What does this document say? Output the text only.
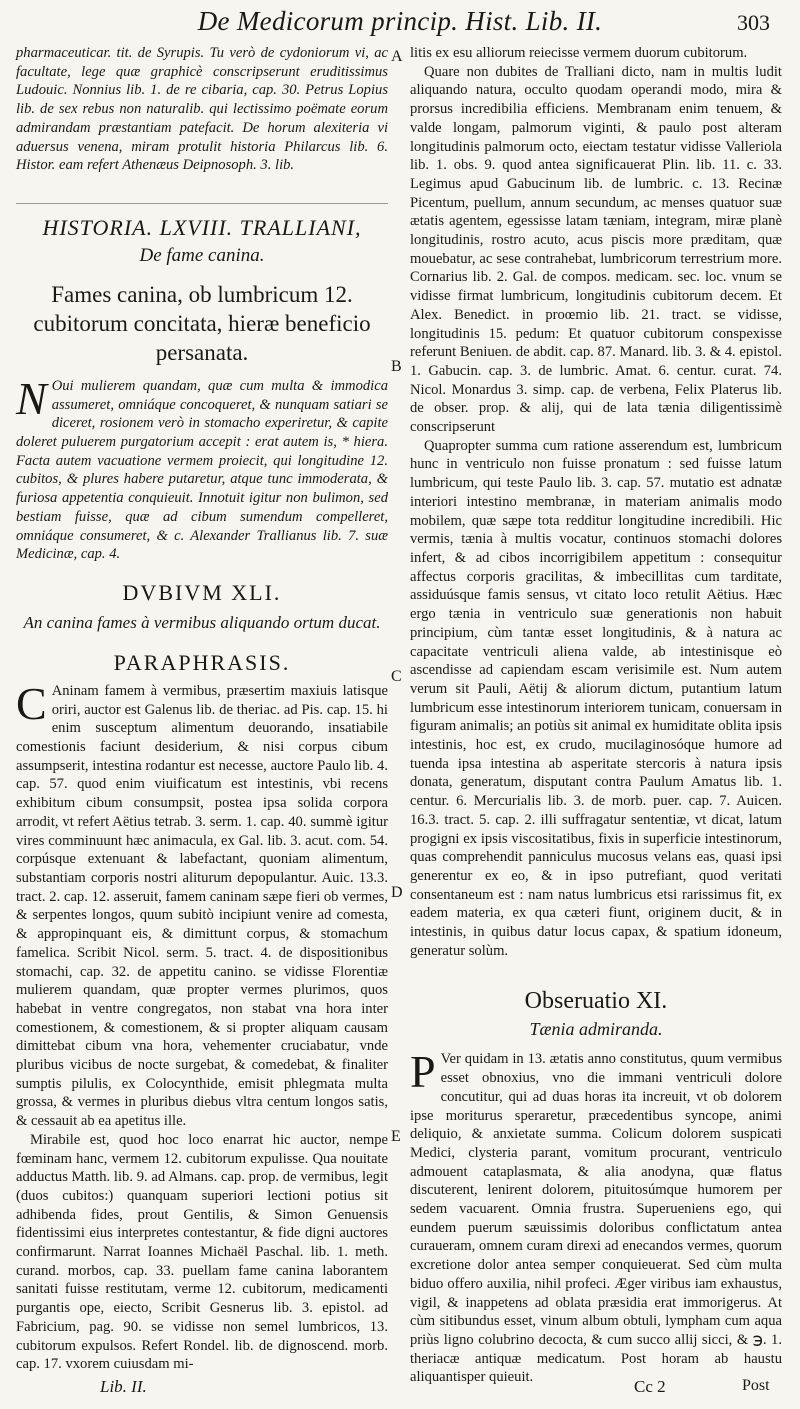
De Medicorum princip. Hist. Lib. II.	303

pharmaceuticar. tit. de Syrupis. Tu verò de cydoniorum vi, ac facultate, lege quæ graphicè conscripserunt eruditissimus Ludouic. Nonnius lib. 1. de re cibaria, cap. 30. Petrus Lopius lib. de sex rebus non naturalib. qui lectissimo poëmate eorum admirandam præstantiam patefacit. De horum alexiteria vi aduersus venena, miram protulit historia Philarcus lib. 6. Histor. eam refert Athenæus Deipnosoph. 3. lib.

HISTORIA. LXVIII. TRALLIANI,
De fame canina.
Fames canina, ob lumbricum 12. cubitorum concitata, hieræ beneficio persanata.

N Oui mulierem quandam, quæ cum multa & immodica assumeret, omniáque concoqueret, & nunquam satiari se diceret, rosionem verò in stomacho experiretur, & capite doleret puluerem purgatorium accepit : erat autem is, * hiera. Facta autem vacuatione vermem proiecit, qui longitudine 12. cubitos, & plures habere putaretur, atque tunc immoderata, & furiosa appetentia conquieuit. Innotuit igitur non bulimon, sed bestiam fuisse, quæ ad cibum sumendum compelleret, omniáque consumeret, & c. Alexander Trallianus lib. 7. suæ Medicinæ, cap. 4.

DVBIVM XLI.
An canina fames à vermibus aliquando ortum ducat.
PARAPHRASIS.

C Aninam famem à vermibus, præsertim maxiuis latisque oriri, auctor est Galenus lib. de theriac. ad Pis. cap. 15. hi enim susceptum alimentum deuorando, insatiabile comestionis faciunt desiderium, & nisi corpus cibum assumpserit, intestina rodantur est necesse, auctore Paulo lib. 4. cap. 57. quod enim viuificatum est intestinis, vbi recens exhibitum cibum consumpsit, postea ipsa solida corpora arrodit, vt refert Aëtius tetrab. 3. serm. 1. cap. 40. summè igitur vires comminuunt hæc animacula, ex Gal. lib. 3. acut. com. 54. corpúsque extenuant & labefactant, quoniam alimentum, substantiam corporis nostri aliturum depopulantur. Auic. 13.3. tract. 2. cap. 12. asseruit, famem caninam sæpe fieri ob vermes, & serpentes longos, quum subitò incipiunt venire ad comesta, & appropinquant eis, & dimittunt corpus, & stomachum famelica. Scribit Nicol. serm. 5. tract. 4. de dispositionibus stomachi, cap. 32. de appetitu canino. se vidisse Florentiæ mulierem quandam, quæ propter vermes plurimos, quos habebat in ventre congregatos, non stabat vna hora inter comestionem, & comestionem, & si propter aliquam causam dimittebat cibum vna hora, vehementer cruciabatur, vnde pluribus vicibus de nocte surgebat, & comedebat, & finaliter sumptis pilulis, ex Colocynthide, emisit phlegmata multa grossa, & vermes in pluribus diebus vltra centum longos satis, & cessauit ab ea apetitus ille.

Mirabile est, quod hoc loco enarrat hic auctor, nempe fœminam hanc, vermem 12. cubitorum expulisse. Qua nouitate adductus Matth. lib. 9. ad Almans. cap. prop. de vermibus, legit (duos cubitos:) quanquam superiori lectioni potius sit adhibenda fides, prout Gentilis, & Simon Genuensis fidentissimi eius interpretes contestantur, & fide digni auctores confirmarunt. Narrat Ioannes Michaël Paschal. lib. 1. meth. curand. morbos, cap. 33. puellam fame canina laborantem sanitati fuisse restitutam, verme 12. cubitorum, medicamenti purgantis ope, eiecto, Scribit Gesnerus lib. 3. epistol. ad Fabricium, pag. 90. se vidisse non semel lumbricos, 13. cubitorum expulsos. Refert Rondel. lib. de dignoscend. morb. cap. 17. vxorem cuiusdam mi-

A
B
C
D
E

litis ex esu alliorum reiecisse vermem duorum cubitorum.

Quare non dubites de Tralliani dicto, nam in multis ludit aliquando natura, occulto quodam operandi modo, mira & prorsus incredibilia efficiens. Membranam enim tenuem, & valde longam, palmorum viginti, & paulo post alteram longitudinis palmorum octo, eiectam testatur vidisse Valleriola lib. 1. obs. 9. quod antea significauerat Plin. lib. 11. c. 33. Legimus apud Gabucinum lib. de lumbric. c. 13. Recinæ Picentum, puellum, annum secundum, ac menses quatuor suæ ætatis agentem, egessisse latam tæniam, integram, miræ planè longitudinis, rostro acuto, acus piscis more præditam, quæ mouebatur, ac sese contrahebat, lumbricorum terrestrium more. Cornarius lib. 2. Gal. de compos. medicam. sec. loc. vnum se vidisse firmat lumbricum, longitudinis cubitorum decem. Et Alex. Benedict. in proœmio lib. 21. tract. se vidisse, longitudinis 15. pedum: Et quatuor cubitorum conspexisse referunt Beniuen. de abdit. cap. 87. Manard. lib. 3. & 4. epistol. 1. Gabucin. cap. 3. de lumbric. Amat. 6. centur. curat. 74. Nicol. Monardus 3. simp. cap. de verbena, Felix Platerus lib. de obser. prop. & alij, qui de lata tænia diligentissimè conscripserunt

Quapropter summa cum ratione asserendum est, lumbricum hunc in ventriculo non fuisse pronatum : sed fuisse latum lumbricum, qui teste Paulo lib. 3. cap. 57. mutatio est adnatæ interiori intestino membranæ, in materiam animalis modo mobilem, quæ sæpe tota redditur longitudine incredibili. Hic vermis, tænia à multis vocatur, continuos stomachi dolores infert, & ad cibos incorrigibilem appetitum : consequitur affectus corporis gracilitas, & imbecillitas cum tarditate, assiduúsque famis sensus, vt citato loco retulit Aëtius. Hæc ergo tænia in ventriculo suæ generationis non habuit principium, cùm tantæ esset longitudinis, & à natura ac capacitate ventriculi aliena valde, ab intestinisque eò ascendisse ad capiendam escam verisimile est. Num autem verum sit Pauli, Aëtij & aliorum dictum, putantium latum lumbricum esse intestinorum interiorem tunicam, conuersam in figuram animalis; an potiùs sit animal ex humiditate oblita ipsis intestinis, hoc est, ex crudo, mucilaginosóque humore ad tuenda ipsa intestina ab asperitate stercoris à natura ipsis donata, generatum, disputant contra Paulum Amatus lib. 1. centur. 6. Mercurialis lib. 3. de morb. puer. cap. 7. Auicen. 16.3. tract. 5. cap. 2. illi suffragatur sententiæ, vt dicat, latum progigni ex ipsis viscositatibus, fixis in superficie intestinorum, quas comprehendit panniculus mucosus velans eas, quasi ipsi generentur ex eo, & in ipso putrefiant, quod veritati consentaneum est : nam natus lumbricus etsi rarissimus fit, ex eadem materia, ex qua cæteri fiunt, originem ducit, & in intestinis, in quibus datur locus capax, & spatium idoneum, generatur solùm.

Obseruatio XI.
Tænia admiranda.

P Ver quidam in 13. ætatis anno constitutus, quum vermibus esset obnoxius, vno die immani ventriculi dolore concutitur, qui ad duas horas ita increuit, vt ob dolorem ipse moriturus speraretur, præcedentibus syncope, animi deliquio, & anxietate summa. Colicum dolorem suspicati Medici, clysteria parant, vomitum procurant, ventriculo admouent cataplasmata, & alia anodyna, quæ flatus discuterent, lenirent dolorem, pituitosúmque humorem per sedem vacuarent. Omnia frustra. Superueniens ego, qui eundem puerum sæuissimis doloribus conflictatum antea curaueram, omnem curam direxi ad enecandos vermes, quorum excretione dolor antea semper conquieuerat. Sed cùm multa biduo offero auxilia, nihil profeci. Æger viribus iam exhaustus, vigil, & inappetens ad oblata præsidia erat immorigerus. At cùm sitibundus esset, vinum album obtuli, lympham cum aqua priùs ligno colubrino decocta, & cum succo allij sicci, & ℈. 1. theriacæ antiquæ medicatum. Post horam ab haustu aliquantisper quieuit.

Lib. II.	Cc 2	Post
